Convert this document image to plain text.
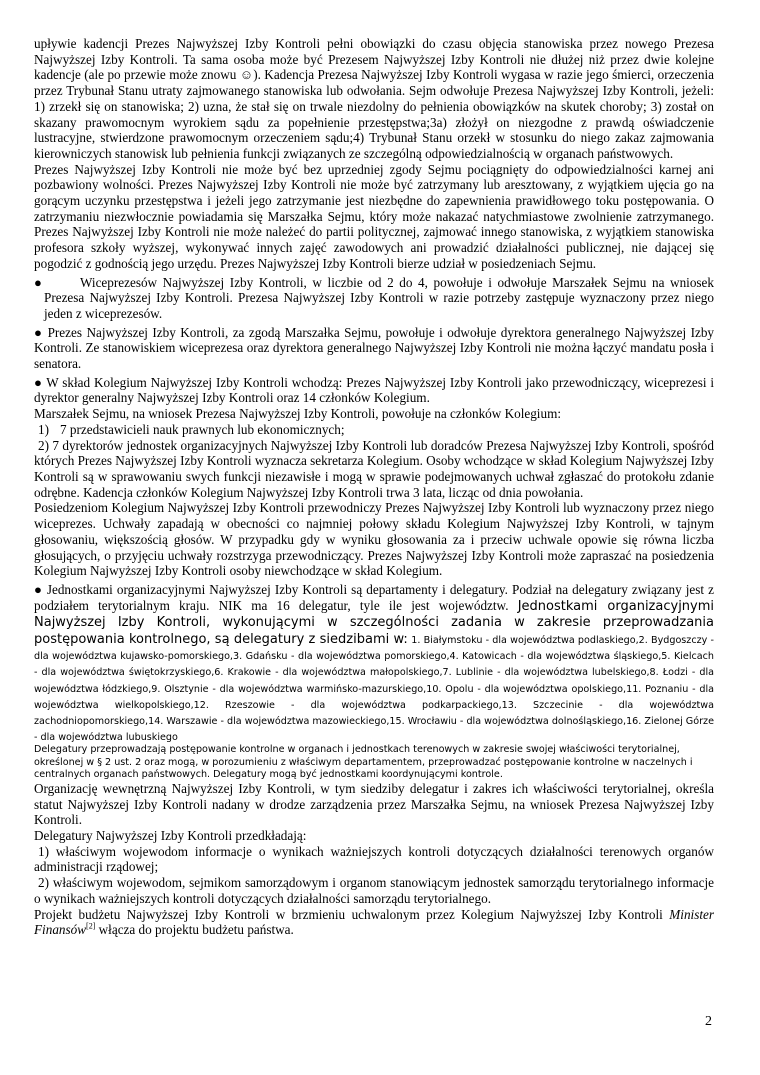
upływie kadencji Prezes Najwyższej Izby Kontroli pełni obowiązki do czasu objęcia stanowiska przez nowego Prezesa Najwyższej Izby Kontroli. Ta sama osoba może być Prezesem Najwyższej Izby Kontroli nie dłużej niż przez dwie kolejne kadencje (ale po przewie może znowu ☺). Kadencja Prezesa Najwyższej Izby Kontroli wygasa w razie jego śmierci, orzeczenia przez Trybunał Stanu utraty zajmowanego stanowiska lub odwołania. Sejm odwołuje Prezesa Najwyższej Izby Kontroli, jeżeli: 1) zrzekł się on stanowiska; 2) uzna, że stał się on trwale niezdolny do pełnienia obowiązków na skutek choroby; 3) został on skazany prawomocnym wyrokiem sądu za popełnienie przestępstwa;3a) złożył on niezgodne z prawdą oświadczenie lustracyjne, stwierdzone prawomocnym orzeczeniem sądu;4) Trybunał Stanu orzekł w stosunku do niego zakaz zajmowania kierowniczych stanowisk lub pełnienia funkcji związanych ze szczególną odpowiedzialnością w organach państwowych.

Prezes Najwyższej Izby Kontroli nie może być bez uprzedniej zgody Sejmu pociągnięty do odpowiedzialności karnej ani pozbawiony wolności. Prezes Najwyższej Izby Kontroli nie może być zatrzymany lub aresztowany, z wyjątkiem ujęcia go na gorącym uczynku przestępstwa i jeżeli jego zatrzymanie jest niezbędne do zapewnienia prawidłowego toku postępowania. O zatrzymaniu niezwłocznie powiadamia się Marszałka Sejmu, który może nakazać natychmiastowe zwolnienie zatrzymanego. Prezes Najwyższej Izby Kontroli nie może należeć do partii politycznej, zajmować innego stanowiska, z wyjątkiem stanowiska profesora szkoły wyższej, wykonywać innych zajęć zawodowych ani prowadzić działalności publicznej, nie dającej się pogodzić z godnością jego urzędu. Prezes Najwyższej Izby Kontroli bierze udział w posiedzeniach Sejmu.

●	Wiceprezesów Najwyższej Izby Kontroli, w liczbie od 2 do 4, powołuje i odwołuje Marszałek Sejmu na wniosek Prezesa Najwyższej Izby Kontroli. Prezesa Najwyższej Izby Kontroli w razie potrzeby zastępuje wyznaczony przez niego jeden z wiceprezesów.
● Prezes Najwyższej Izby Kontroli, za zgodą Marszałka Sejmu, powołuje i odwołuje dyrektora generalnego Najwyższej Izby Kontroli. Ze stanowiskiem wiceprezesa oraz dyrektora generalnego Najwyższej Izby Kontroli nie można łączyć mandatu posła i senatora.
● W skład Kolegium Najwyższej Izby Kontroli wchodzą: Prezes Najwyższej Izby Kontroli jako przewodniczący, wiceprezesi i dyrektor generalny Najwyższej Izby Kontroli oraz 14 członków Kolegium.

Marszałek Sejmu, na wniosek Prezesa Najwyższej Izby Kontroli, powołuje na członków Kolegium:

1) 7 przedstawicieli nauk prawnych lub ekonomicznych;

2) 7 dyrektorów jednostek organizacyjnych Najwyższej Izby Kontroli lub doradców Prezesa Najwyższej Izby Kontroli, spośród których Prezes Najwyższej Izby Kontroli wyznacza sekretarza Kolegium. Osoby wchodzące w skład Kolegium Najwyższej Izby Kontroli są w sprawowaniu swych funkcji niezawisłe i mogą w sprawie podejmowanych uchwał zgłaszać do protokołu zdanie odrębne. Kadencja członków Kolegium Najwyższej Izby Kontroli trwa 3 lata, licząc od dnia powołania.

Posiedzeniom Kolegium Najwyższej Izby Kontroli przewodniczy Prezes Najwyższej Izby Kontroli lub wyznaczony przez niego wiceprezes. Uchwały zapadają w obecności co najmniej połowy składu Kolegium Najwyższej Izby Kontroli, w tajnym głosowaniu, większością głosów. W przypadku gdy w wyniku głosowania za i przeciw uchwale opowie się równa liczba głosujących, o przyjęciu uchwały rozstrzyga przewodniczący. Prezes Najwyższej Izby Kontroli może zapraszać na posiedzenia Kolegium Najwyższej Izby Kontroli osoby niewchodzące w skład Kolegium.

● Jednostkami organizacyjnymi Najwyższej Izby Kontroli są departamenty i delegatury. Podział na delegatury związany jest z podziałem terytorialnym kraju. NIK ma 16 delegatur, tyle ile jest województw. Jednostkami organizacyjnymi Najwyższej Izby Kontroli, wykonującymi w szczególności zadania w zakresie przeprowadzania postępowania kontrolnego, są delegatury z siedzibami w: 1. Białymstoku - dla województwa podlaskiego,2. Bydgoszczy - dla województwa kujawsko-pomorskiego,3. Gdańsku - dla województwa pomorskiego,4. Katowicach - dla województwa śląskiego,5. Kielcach - dla województwa świętokrzyskiego,6. Krakowie - dla województwa małopolskiego,7. Lublinie - dla województwa lubelskiego,8. Łodzi - dla województwa łódzkiego,9. Olsztynie - dla województwa warmińsko-mazurskiego,10. Opolu - dla województwa opolskiego,11. Poznaniu - dla województwa wielkopolskiego,12. Rzeszowie - dla województwa podkarpackiego,13. Szczecinie - dla województwa zachodniopomorskiego,14. Warszawie - dla województwa mazowieckiego,15. Wrocławiu - dla województwa dolnośląskiego,16. Zielonej Górze - dla województwa lubuskiego

Delegatury przeprowadzają postępowanie kontrolne w organach i jednostkach terenowych w zakresie swojej właściwości terytorialnej, określonej w § 2 ust. 2 oraz mogą, w porozumieniu z właściwym departamentem, przeprowadzać postępowanie kontrolne w naczelnych i centralnych organach państwowych. Delegatury mogą być jednostkami koordynującymi kontrole.

Organizację wewnętrzną Najwyższej Izby Kontroli, w tym siedziby delegatur i zakres ich właściwości terytorialnej, określa statut Najwyższej Izby Kontroli nadany w drodze zarządzenia przez Marszałka Sejmu, na wniosek Prezesa Najwyższej Izby Kontroli.

Delegatury Najwyższej Izby Kontroli przedkładają:

1) właściwym wojewodom informacje o wynikach ważniejszych kontroli dotyczących działalności terenowych organów administracji rządowej;

2) właściwym wojewodom, sejmikom samorządowym i organom stanowiącym jednostek samorządu terytorialnego informacje o wynikach ważniejszych kontroli dotyczących działalności samorządu terytorialnego.

Projekt budżetu Najwyższej Izby Kontroli w brzmieniu uchwalonym przez Kolegium Najwyższej Izby Kontroli Minister Finansów[2] włącza do projektu budżetu państwa.

2
